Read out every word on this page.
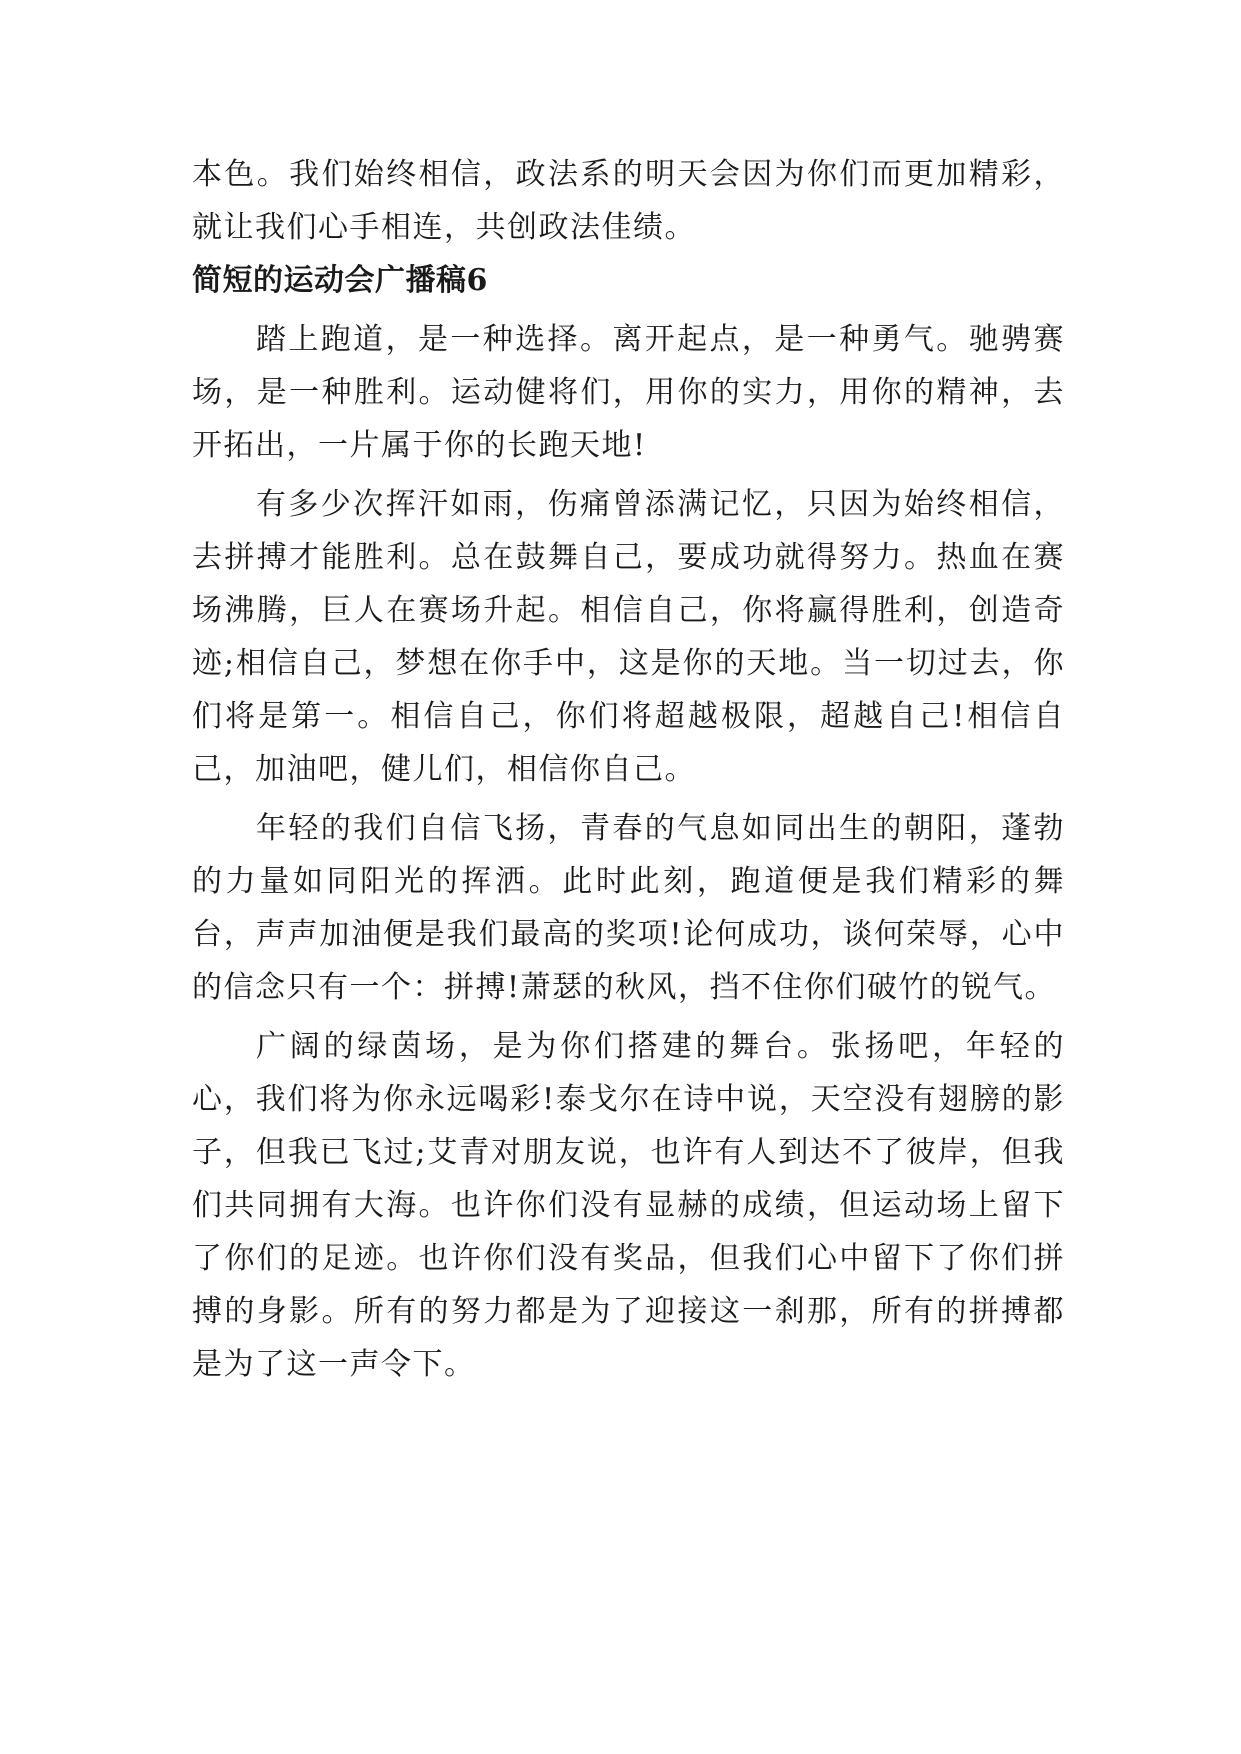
本色。我们始终相信，政法系的明天会因为你们而更加精彩，就让我们心手相连，共创政法佳绩。

简短的运动会广播稿6

踏上跑道，是一种选择。离开起点，是一种勇气。驰骋赛场，是一种胜利。运动健将们，用你的实力，用你的精神，去开拓出，一片属于你的长跑天地!

有多少次挥汗如雨，伤痛曾添满记忆，只因为始终相信，去拼搏才能胜利。总在鼓舞自己，要成功就得努力。热血在赛场沸腾，巨人在赛场升起。相信自己，你将赢得胜利，创造奇迹;相信自己，梦想在你手中，这是你的天地。当一切过去，你们将是第一。相信自己，你们将超越极限，超越自己!相信自己，加油吧，健儿们，相信你自己。

年轻的我们自信飞扬，青春的气息如同出生的朝阳，蓬勃的力量如同阳光的挥洒。此时此刻，跑道便是我们精彩的舞台，声声加油便是我们最高的奖项!论何成功，谈何荣辱，心中的信念只有一个：拼搏!萧瑟的秋风，挡不住你们破竹的锐气。

广阔的绿茵场，是为你们搭建的舞台。张扬吧，年轻的心，我们将为你永远喝彩!泰戈尔在诗中说，天空没有翅膀的影子，但我已飞过;艾青对朋友说，也许有人到达不了彼岸，但我们共同拥有大海。也许你们没有显赫的成绩，但运动场上留下了你们的足迹。也许你们没有奖品，但我们心中留下了你们拼搏的身影。所有的努力都是为了迎接这一刹那，所有的拼搏都是为了这一声令下。
